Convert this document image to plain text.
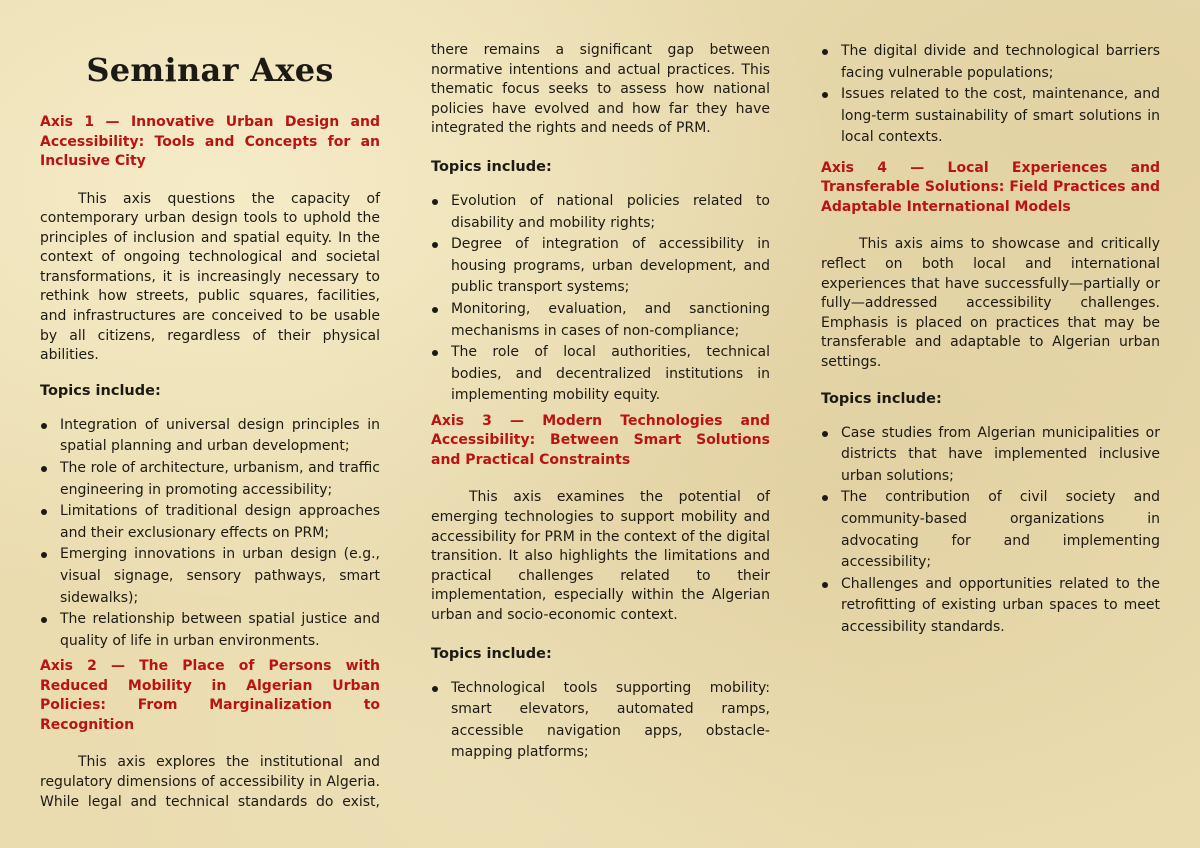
Seminar Axes
Axis 1 — Innovative Urban Design and Accessibility: Tools and Concepts for an Inclusive City

This axis questions the capacity of contemporary urban design tools to uphold the principles of inclusion and spatial equity. In the context of ongoing technological and societal transformations, it is increasingly necessary to rethink how streets, public squares, facilities, and infrastructures are conceived to be usable by all citizens, regardless of their physical abilities.

Topics include:
Integration of universal design principles in spatial planning and urban development;
The role of architecture, urbanism, and traffic engineering in promoting accessibility;
Limitations of traditional design approaches and their exclusionary effects on PRM;
Emerging innovations in urban design (e.g., visual signage, sensory pathways, smart sidewalks);
The relationship between spatial justice and quality of life in urban environments.
Axis 2 — The Place of Persons with Reduced Mobility in Algerian Urban Policies: From Marginalization to Recognition

This axis explores the institutional and regulatory dimensions of accessibility in Algeria. While legal and technical standards do exist,

there remains a significant gap between normative intentions and actual practices. This thematic focus seeks to assess how national policies have evolved and how far they have integrated the rights and needs of PRM.

Topics include:
Evolution of national policies related to disability and mobility rights;
Degree of integration of accessibility in housing programs, urban development, and public transport systems;
Monitoring, evaluation, and sanctioning mechanisms in cases of non-compliance;
The role of local authorities, technical bodies, and decentralized institutions in implementing mobility equity.
Axis 3 — Modern Technologies and Accessibility: Between Smart Solutions and Practical Constraints

This axis examines the potential of emerging technologies to support mobility and accessibility for PRM in the context of the digital transition. It also highlights the limitations and practical challenges related to their implementation, especially within the Algerian urban and socio-economic context.

Topics include:
Technological tools supporting mobility: smart elevators, automated ramps, accessible navigation apps, obstacle-mapping platforms;
The digital divide and technological barriers facing vulnerable populations;
Issues related to the cost, maintenance, and long-term sustainability of smart solutions in local contexts.
Axis 4 — Local Experiences and Transferable Solutions: Field Practices and Adaptable International Models

This axis aims to showcase and critically reflect on both local and international experiences that have successfully—partially or fully—addressed accessibility challenges. Emphasis is placed on practices that may be transferable and adaptable to Algerian urban settings.

Topics include:
Case studies from Algerian municipalities or districts that have implemented inclusive urban solutions;
The contribution of civil society and community-based organizations in advocating for and implementing accessibility;
Challenges and opportunities related to the retrofitting of existing urban spaces to meet accessibility standards.
